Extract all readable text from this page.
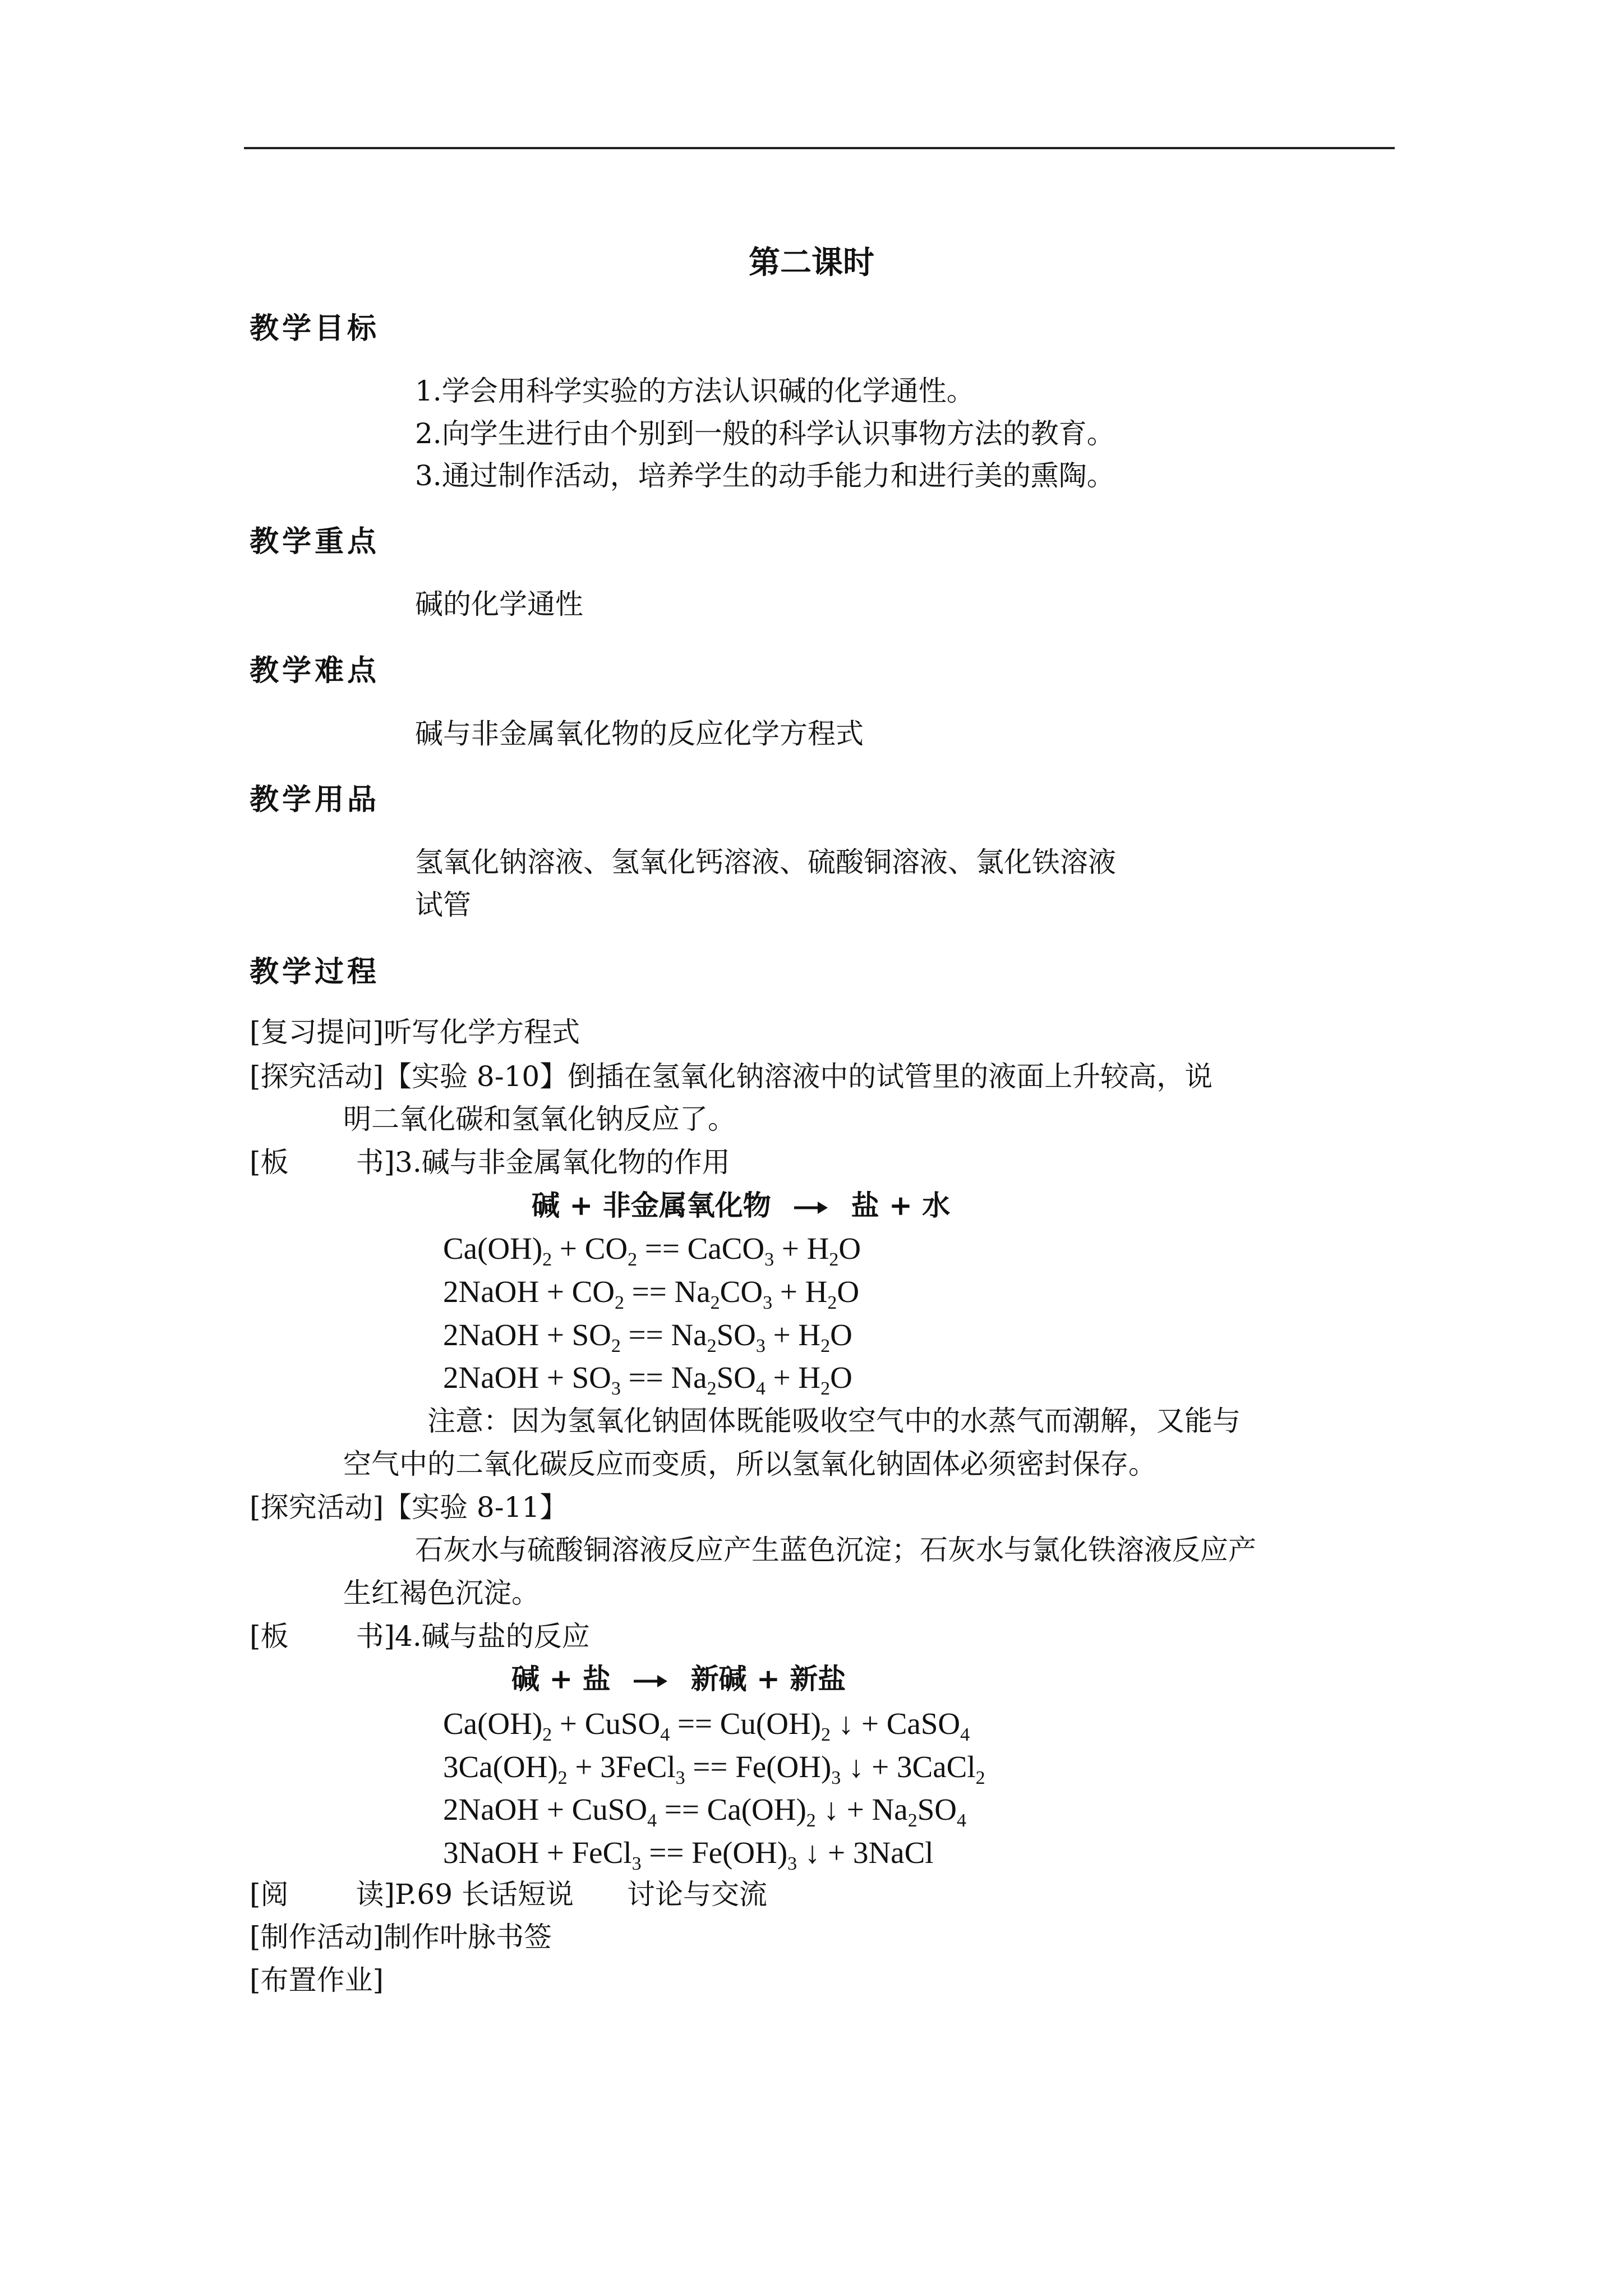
第二课时
教学目标
1.学会用科学实验的方法认识碱的化学通性。
2.向学生进行由个别到一般的科学认识事物方法的教育。
3.通过制作活动，培养学生的动手能力和进行美的熏陶。
教学重点
碱的化学通性
教学难点
碱与非金属氧化物的反应化学方程式
教学用品
氢氧化钠溶液、氢氧化钙溶液、硫酸铜溶液、氯化铁溶液
试管
教学过程
[复习提问]听写化学方程式
[探究活动]【实验 8-10】倒插在氢氧化钠溶液中的试管里的液面上升较高，说
明二氧化碳和氢氧化钠反应了。
[板 书]3.碱与非金属氧化物的作用
碱 + 非金属氧化物	盐 + 水
$Ca(OH)_2 + CO_2$ == CaCO$_3$ + $H_2O$
2NaOH + $CO_2 == Na_2CO_3 + H_2O$
2NaOH + $SO_2 == Na_2SO_3 + H_2O$
2NaOH + $SO_3 == Na_2SO_4 + H_2O$
注意：因为氢氧化钠固体既能吸收空气中的水蒸气而潮解，又能与
空气中的二氧化碳反应而变质，所以氢氧化钠固体必须密封保存。
[探究活动]【实验 8-11】
石灰水与硫酸铜溶液反应产生蓝色沉淀；石灰水与氯化铁溶液反应产
生红褐色沉淀。
[板 书]4.碱与盐的反应
碱 + 盐	新碱 + 新盐
$Ca(OH)_2$ + CuSO$_4$ == $Cu(OH)_2$ ↓ + CaSO$_4$
$3Ca(OH)_2$ + 3FeCl$_3$ == $Fe(OH)_3$ ↓ + 3CaCl$_2$
2NaOH + CuSO$_4$ == $Ca(OH)_2$ ↓ + $Na_2SO_4$
3NaOH + FeCl$_3$ == $Fe(OH)_3$ ↓ + 3NaCl
[阅 读]P.69 长话短说 讨论与交流
[制作活动]制作叶脉书签
[布置作业]
